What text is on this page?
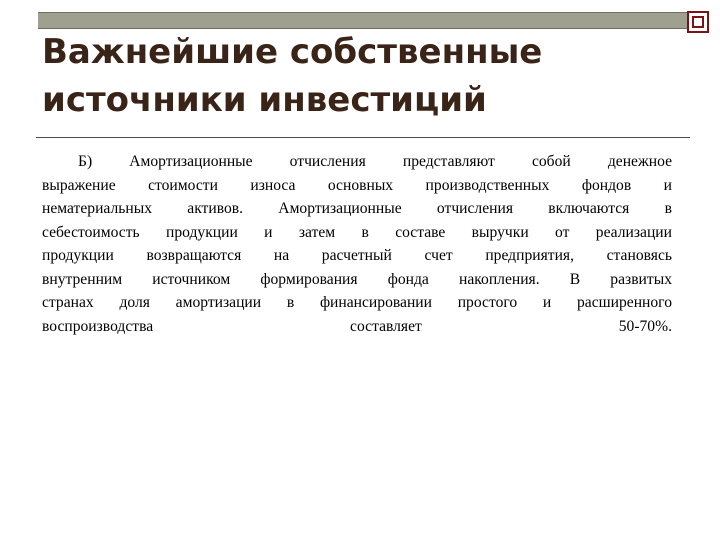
Важнейшие собственные
источники инвестиций
Б) Амортизационные отчисления представляют собой денежное
выражение стоимости износа основных производственных фондов и
нематериальных активов. Амортизационные отчисления включаются в
себестоимость продукции и затем в составе выручки от реализации
продукции возвращаются на расчетный счет предприятия, становясь
внутренним источником формирования фонда накопления. В развитых
странах доля амортизации в финансировании простого и расширенного
воспроизводства составляет 50-70%.
